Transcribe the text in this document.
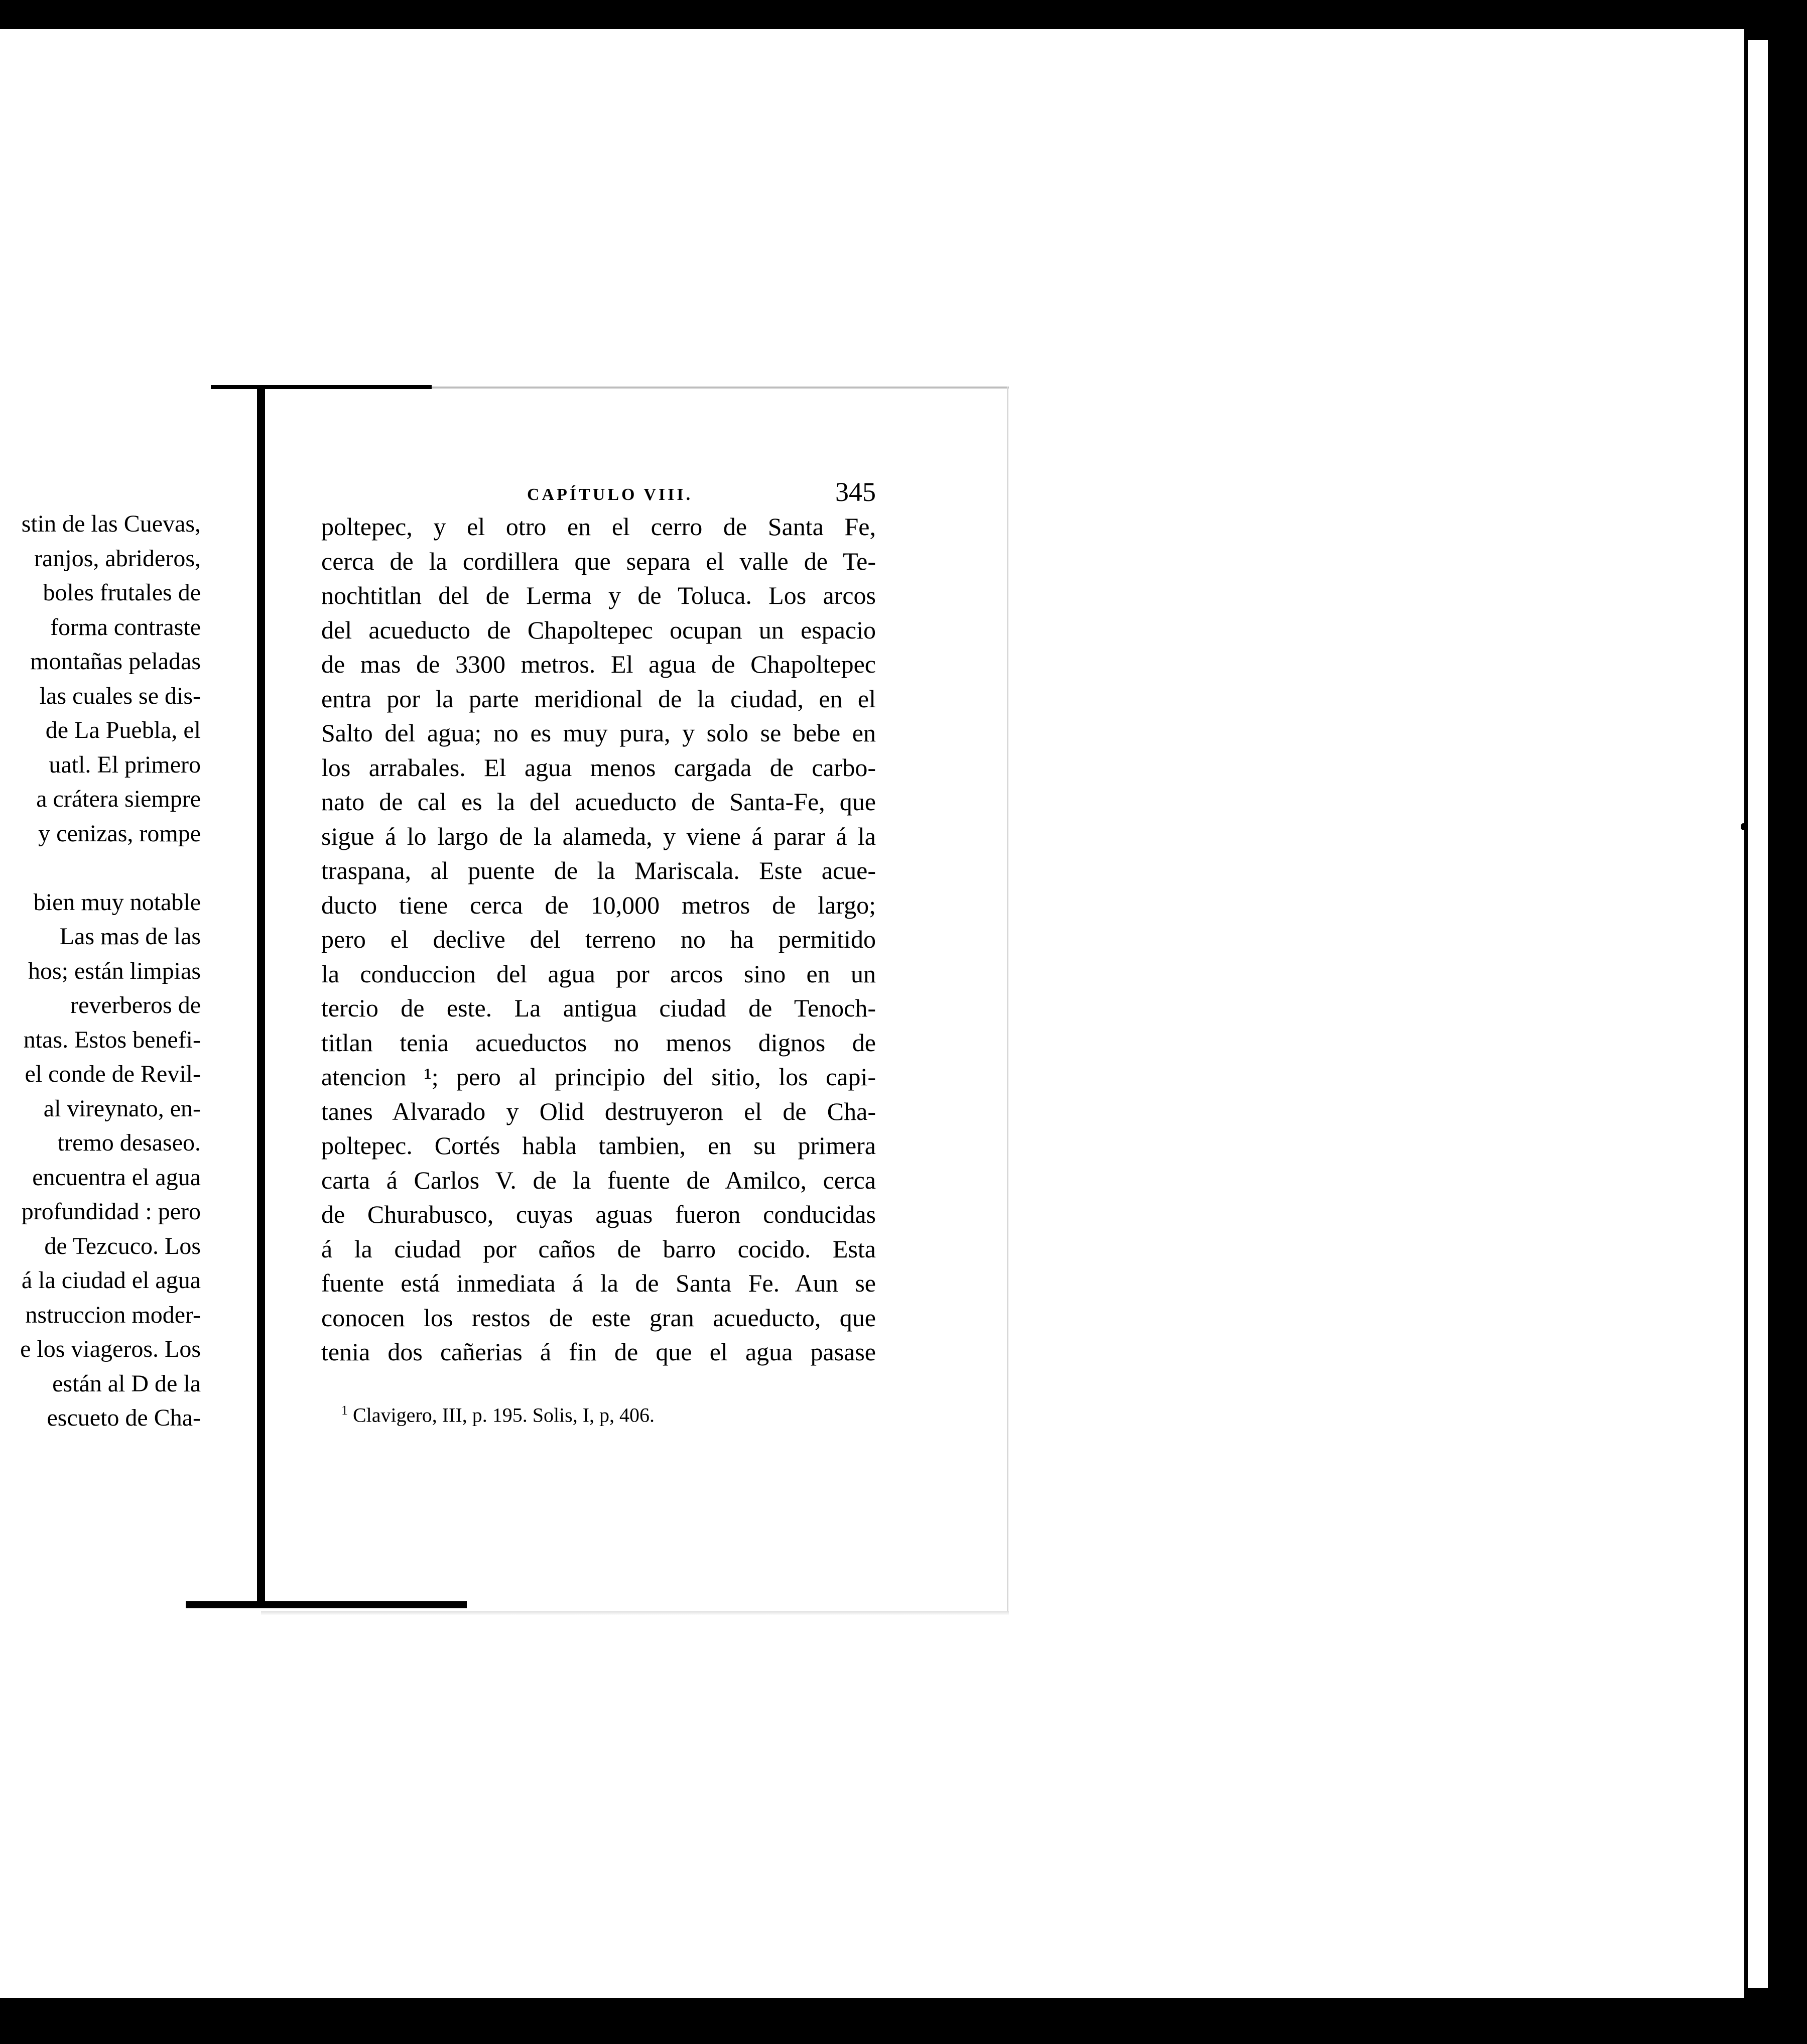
stin de las Cuevas,
ranjos, abrideros,
boles frutales de
forma contraste
montañas peladas
las cuales se dis-
de La Puebla, el
uatl. El primero
a crátera siempre
y cenizas, rompe
bien muy notable
Las mas de las
hos; están limpias
reverberos de
ntas. Estos benefi-
el conde de Revil-
al vireynato, en-
tremo desaseo.
encuentra el agua
profundidad : pero
de Tezcuco. Los
á la ciudad el agua
nstruccion moder-
e los viageros. Los
están al D de la
escueto de Cha-
CAPÍTULO VIII.	345
poltepec, y el otro en el cerro de Santa Fe,
cerca de la cordillera que separa el valle de Te-
nochtitlan del de Lerma y de Toluca. Los arcos
del acueducto de Chapoltepec ocupan un espacio
de mas de 3300 metros. El agua de Chapoltepec
entra por la parte meridional de la ciudad, en el
Salto del agua; no es muy pura, y solo se bebe en
los arrabales. El agua menos cargada de carbo-
nato de cal es la del acueducto de Santa-Fe, que
sigue á lo largo de la alameda, y viene á parar á la
traspana, al puente de la Mariscala. Este acue-
ducto tiene cerca de 10,000 metros de largo;
pero el declive del terreno no ha permitido
la conduccion del agua por arcos sino en un
tercio de este. La antigua ciudad de Tenoch-
titlan tenia acueductos no menos dignos de
atencion ¹; pero al principio del sitio, los capi-
tanes Alvarado y Olid destruyeron el de Cha-
poltepec. Cortés habla tambien, en su primera
carta á Carlos V. de la fuente de Amilco, cerca
de Churabusco, cuyas aguas fueron conducidas
á la ciudad por caños de barro cocido. Esta
fuente está inmediata á la de Santa Fe. Aun se
conocen los restos de este gran acueducto, que
tenia dos cañerias á fin de que el agua pasase
$^1$ Clavigero, III, p. 195. Solis, I, p, 406.
